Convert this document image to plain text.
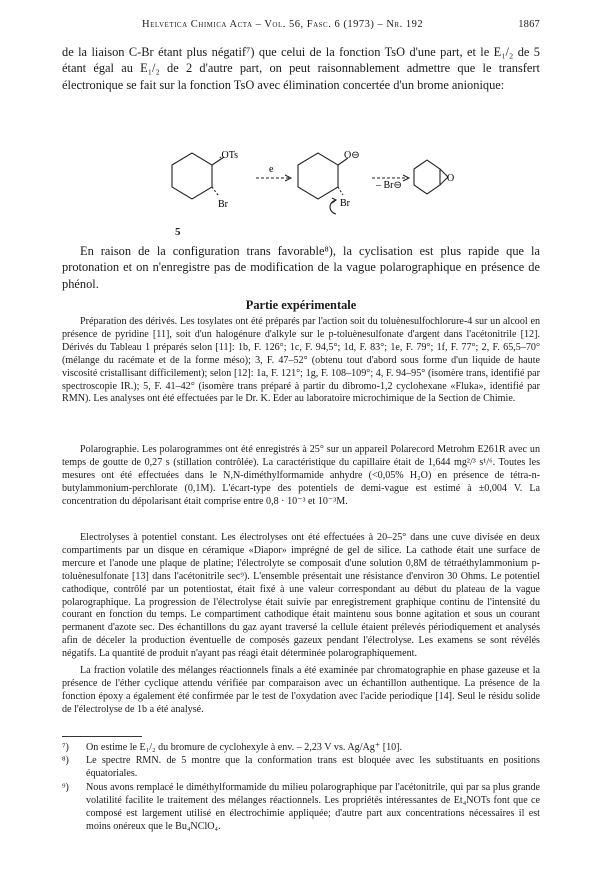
Helvetica Chimica Acta – Vol. 56, Fasc. 6 (1973) – Nr. 192	1867

de la liaison C-Br étant plus négatif⁷) que celui de la fonction TsO d'une part, et le E₁/₂ de 5 étant égal au E₁/₂ de 2 d'autre part, on peut raisonnablement admettre que le transfert électronique se fait sur la fonction TsO avec élimination concertée d'un brome anionique:

.OTs
Br
e
O⊖
Br
– Br⊖
O
5

En raison de la configuration trans favorable⁸), la cyclisation est plus rapide que la protonation et on n'enregistre pas de modification de la vague polarographique en présence de phénol.

Partie expérimentale

Préparation des dérivés. Les tosylates ont été préparés par l'action soit du toluènesulfochlorure-4 sur un alcool en présence de pyridine [11], soit d'un halogénure d'alkyle sur le p-toluènesulfonate d'argent dans l'acétonitrile [12]. Dérivés du Tableau 1 préparés selon [11]: 1b, F. 126°; 1c, F. 94,5°; 1d, F. 83°; 1e, F. 79°; 1f, F. 77°; 2, F. 65,5–70° (mélange du racémate et de la forme méso); 3, F. 47–52° (obtenu tout d'abord sous forme d'un liquide de haute viscosité cristallisant difficilement); selon [12]: 1a, F. 121°; 1g, F. 108–109°; 4, F. 94–95° (isomère trans, identifié par spectroscopie IR.); 5, F. 41–42° (isomère trans préparé à partir du dibromo-1,2 cyclohexane «Fluka», identifié par RMN). Les analyses ont été effectuées par le Dr. K. Eder au laboratoire microchimique de la Section de Chimie.

Polarographie. Les polarogrammes ont été enregistrés à 25° sur un appareil Polarecord Metrohm E261R avec un temps de goutte de 0,27 s (stillation contrôlée). La caractéristique du capillaire était de 1,644 mg²/³ s¹/⁶. Toutes les mesures ont été effectuées dans le N,N-diméthylformamide anhydre (<0,05% H₂O) en présence de tétra-n-butylammonium-perchlorate (0,1M). L'écart-type des potentiels de demi-vague est estimé à ±0,004 V. La concentration du dépolarisant était comprise entre 0,8 · 10⁻³ et 10⁻³M.

Electrolyses à potentiel constant. Les électrolyses ont été effectuées à 20–25° dans une cuve divisée en deux compartiments par un disque en céramique «Diapor» imprégné de gel de silice. La cathode était une surface de mercure et l'anode une plaque de platine; l'électrolyte se composait d'une solution 0,8M de tétraéthylammonium p-toluènesulfonate [13] dans l'acétonitrile sec⁹). L'ensemble présentait une résistance d'environ 30 Ohms. Le potentiel cathodique, contrôlé par un potentiostat, était fixé à une valeur correspondant au début du plateau de la vague polarographique. La progression de l'électrolyse était suivie par enregistrement graphique continu de l'intensité du courant en fonction du temps. Le compartiment cathodique était maintenu sous bonne agitation et sous un courant permanent d'azote sec. Des échantillons du gaz ayant traversé la cellule étaient prélevés périodiquement et analysés afin de déceler la production éventuelle de composés gazeux pendant l'électrolyse. Les examens se sont révélés négatifs. La quantité de produit n'ayant pas réagi était déterminée polarographiquement.

La fraction volatile des mélanges réactionnels finals a été examinée par chromatographie en phase gazeuse et la présence de l'éther cyclique attendu vérifiée par comparaison avec un échantillon authentique. La présence de la fonction époxy a également été confirmée par le test de l'oxydation avec l'acide periodique [14]. Seul le résidu solide de l'électrolyse de 1b a été analysé.

⁷) On estime le E₁/₂ du bromure de cyclohexyle à env. – 2,23 V vs. Ag/Ag⁺ [10].
⁸) Le spectre RMN. de 5 montre que la conformation trans est bloquée avec les substituants en positions équatoriales.
⁹) Nous avons remplacé le diméthylformamide du milieu polarographique par l'acétonitrile, qui par sa plus grande volatilité facilite le traitement des mélanges réactionnels. Les propriétés intéressantes de Et₄NOTs font que ce composé est largement utilisé en électrochimie appliquée; d'autre part aux concentrations nécessaires il est moins onéreux que le Bu₄NClO₄.
